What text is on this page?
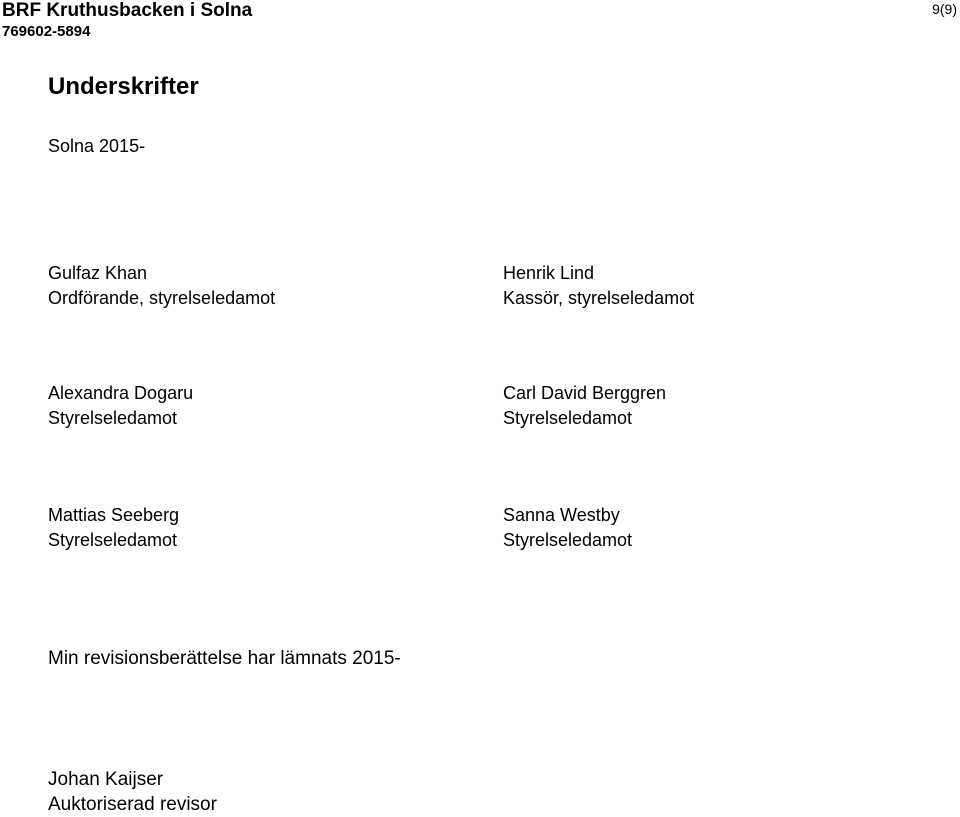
BRF Kruthusbacken i Solna
769602-5894
9(9)
Underskrifter
Solna 2015-
Gulfaz Khan
Ordförande, styrelseledamot
Henrik Lind
Kassör, styrelseledamot
Alexandra Dogaru
Styrelseledamot
Carl David Berggren
Styrelseledamot
Mattias Seeberg
Styrelseledamot
Sanna Westby
Styrelseledamot
Min revisionsberättelse har lämnats 2015-
Johan Kaijser
Auktoriserad revisor
